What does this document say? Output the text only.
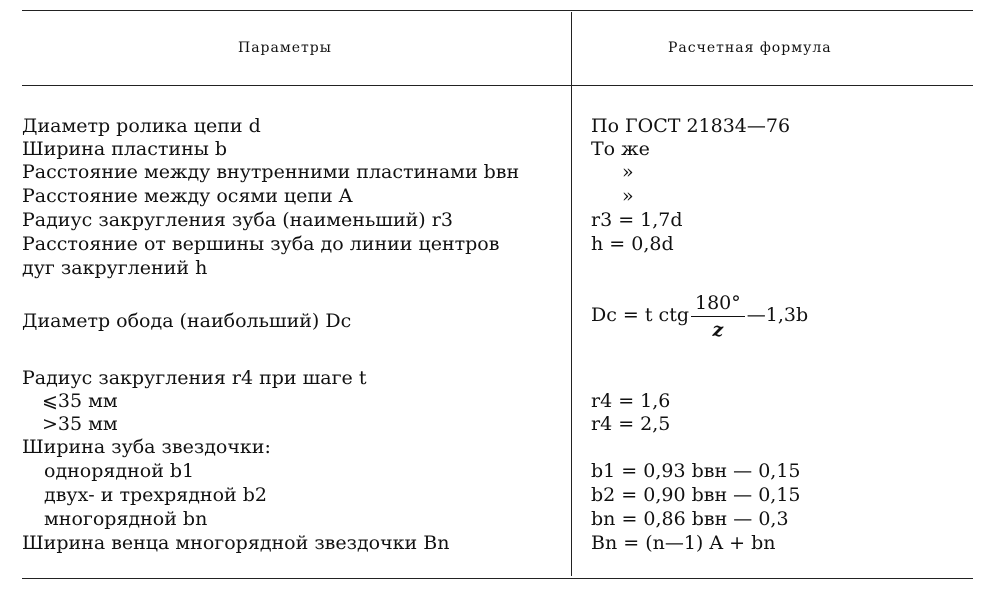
Параметры	Расчетная формула
Диаметр ролика цепи d	По ГОСТ 21834—76
Ширина пластины b	То же
Расстояние между внутренними пластинами bвн	»
Расстояние между осями цепи A	»
Радиус закругления зуба (наименьший) r3	r3 = 1,7d
Расстояние от вершины зуба до линии центров	h = 0,8d
дуг закруглений h
Диаметр обода (наибольший) Dc	Dc = t ctg $\frac{180^\circ}{z}$ —1,3b
Радиус закругления r4 при шаге t
⩽35 мм	r4 = 1,6
>35 мм	r4 = 2,5
Ширина зуба звездочки:
однорядной b1	b1 = 0,93 bвн — 0,15
двух- и трехрядной b2	b2 = 0,90 bвн — 0,15
многорядной bn	bn = 0,86 bвн — 0,3
Ширина венца многорядной звездочки Bn	Bn = (n—1) A + bn
